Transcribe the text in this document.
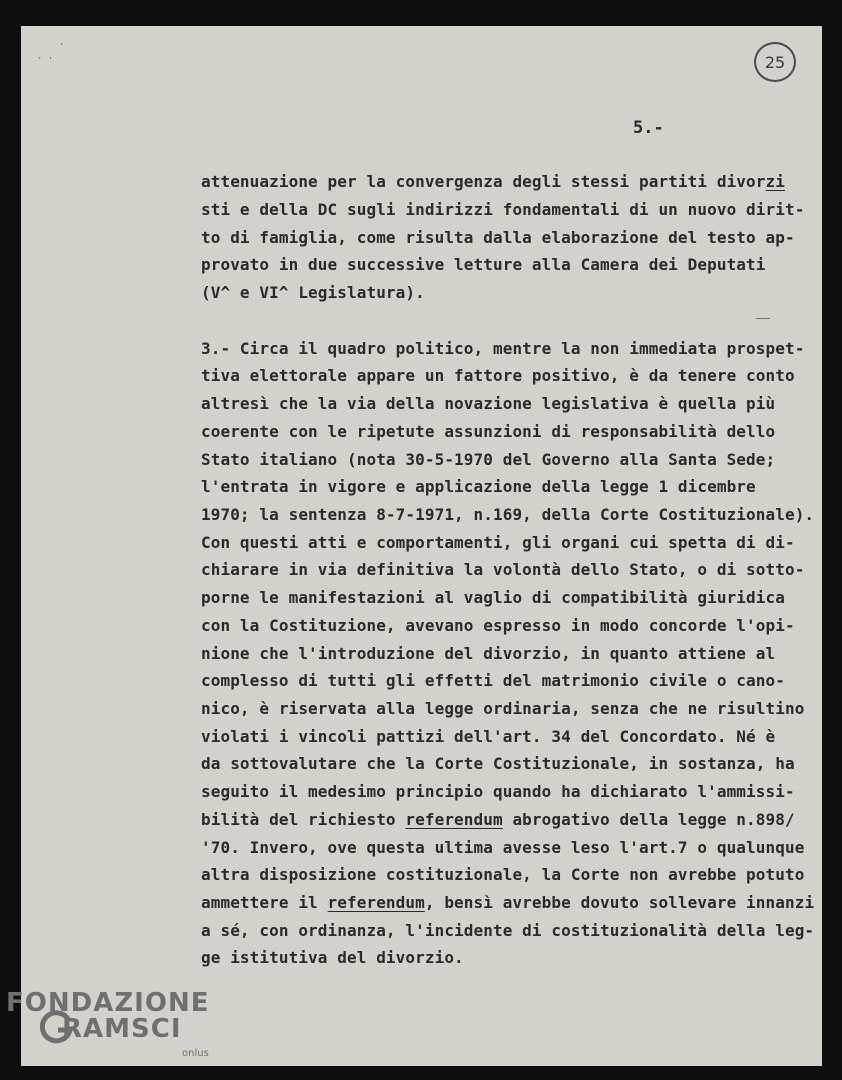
·
· ·	25
5.-
attenuazione per la convergenza degli stessi partiti divorzi
sti e della DC sugli indirizzi fondamentali di un nuovo dirit-
to di famiglia, come risulta dalla elaborazione del testo ap-
provato in due successive letture alla Camera dei Deputati
(V^ e VI^ Legislatura).
3.- Circa il quadro politico, mentre la non immediata prospet-
tiva elettorale appare un fattore positivo, è da tenere conto
altresì che la via della novazione legislativa è quella più
coerente con le ripetute assunzioni di responsabilità dello
Stato italiano (nota 30-5-1970 del Governo alla Santa Sede;
l'entrata in vigore e applicazione della legge 1 dicembre
1970; la sentenza 8-7-1971, n.169, della Corte Costituzionale).
Con questi atti e comportamenti, gli organi cui spetta di di-
chiarare in via definitiva la volontà dello Stato, o di sotto-
porne le manifestazioni al vaglio di compatibilità giuridica
con la Costituzione, avevano espresso in modo concorde l'opi-
nione che l'introduzione del divorzio, in quanto attiene al
complesso di tutti gli effetti del matrimonio civile o cano-
nico, è riservata alla legge ordinaria, senza che ne risultino
violati i vincoli pattizi dell'art. 34 del Concordato. Né è
da sottovalutare che la Corte Costituzionale, in sostanza, ha
seguito il medesimo principio quando ha dichiarato l'ammissi-
bilità del richiesto referendum abrogativo della legge n.898/
'70. Invero, ove questa ultima avesse leso l'art.7 o qualunque
altra disposizione costituzionale, la Corte non avrebbe potuto
ammettere il referendum, bensì avrebbe dovuto sollevare innanzi
a sé, con ordinanza, l'incidente di costituzionalità della leg-
ge istitutiva del divorzio.
FONDAZIONE
RAMSCI
onlus
